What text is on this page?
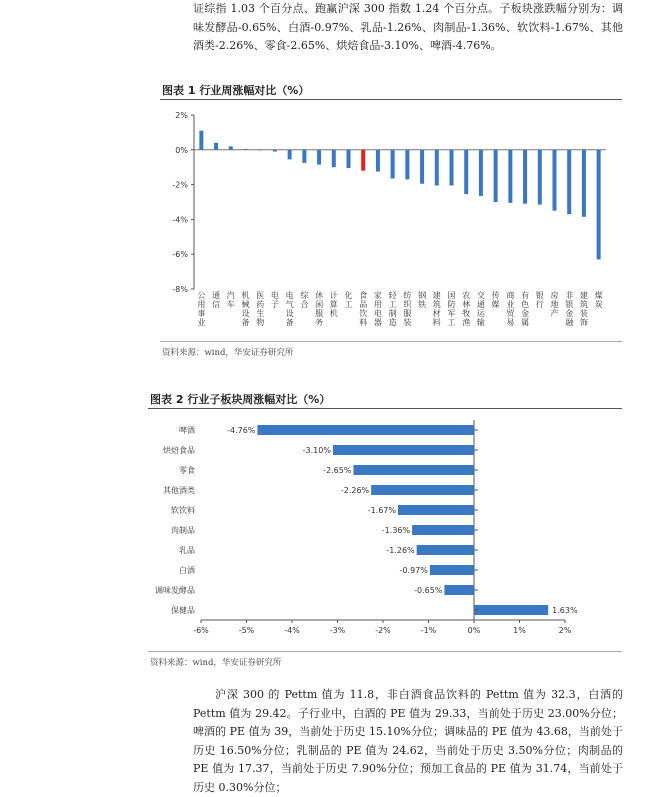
证综指 1.03 个百分点、跑赢沪深 300 指数 1.24 个百分点。子板块涨跌幅分别为：调味发酵品-0.65%、白酒-0.97%、乳品-1.26%、肉制品-1.36%、软饮料-1.67%、其他酒类-2.26%、零食-2.65%、烘焙食品-3.10%、啤酒-4.76%。

图表 1 行业周涨幅对比（%）
2%
0%
-2%
-4%
-6%
-8%
公
用
事
业
通
信
汽
车
机
械
设
备
医
药
生
物
电
子
电
气
设
备
综
合
休
闲
服
务
计
算
机
化
工
食
品
饮
料
家
用
电
器
轻
工
制
造
纺
织
服
装
钢
铁
建
筑
材
料
国
防
军
工
农
林
牧
渔
交
通
运
输
传
媒
商
业
贸
易
有
色
金
属
银
行
房
地
产
非
银
金
融
建
筑
装
饰
煤
炭
资料来源：wind，华安证券研究所
图表 2 行业子板块周涨幅对比（%）
-6%	-5%	-4%	-3%	-2%	-1%	0%	1%	2%
啤酒	-4.76%
烘焙食品	-3.10%
零食	-2.65%
其他酒类	-2.26%
软饮料	-1.67%
肉制品	-1.36%
乳品	-1.26%
白酒	-0.97%
调味发酵品	-0.65%
保健品	1.63%
资料来源：wind，华安证券研究所

沪深 300 的 Pettm 值为 11.8，非白酒食品饮料的 Pettm 值为 32.3，白酒的 Pettm 值为 29.42。子行业中，白酒的 PE 值为 29.33，当前处于历史 23.00%分位；啤酒的 PE 值为 39，当前处于历史 15.10%分位；调味品的 PE 值为 43.68，当前处于历史 16.50%分位；乳制品的 PE 值为 24.62，当前处于历史 3.50%分位；肉制品的 PE 值为 17.37，当前处于历史 7.90%分位；预加工食品的 PE 值为 31.74，当前处于历史 0.30%分位；
